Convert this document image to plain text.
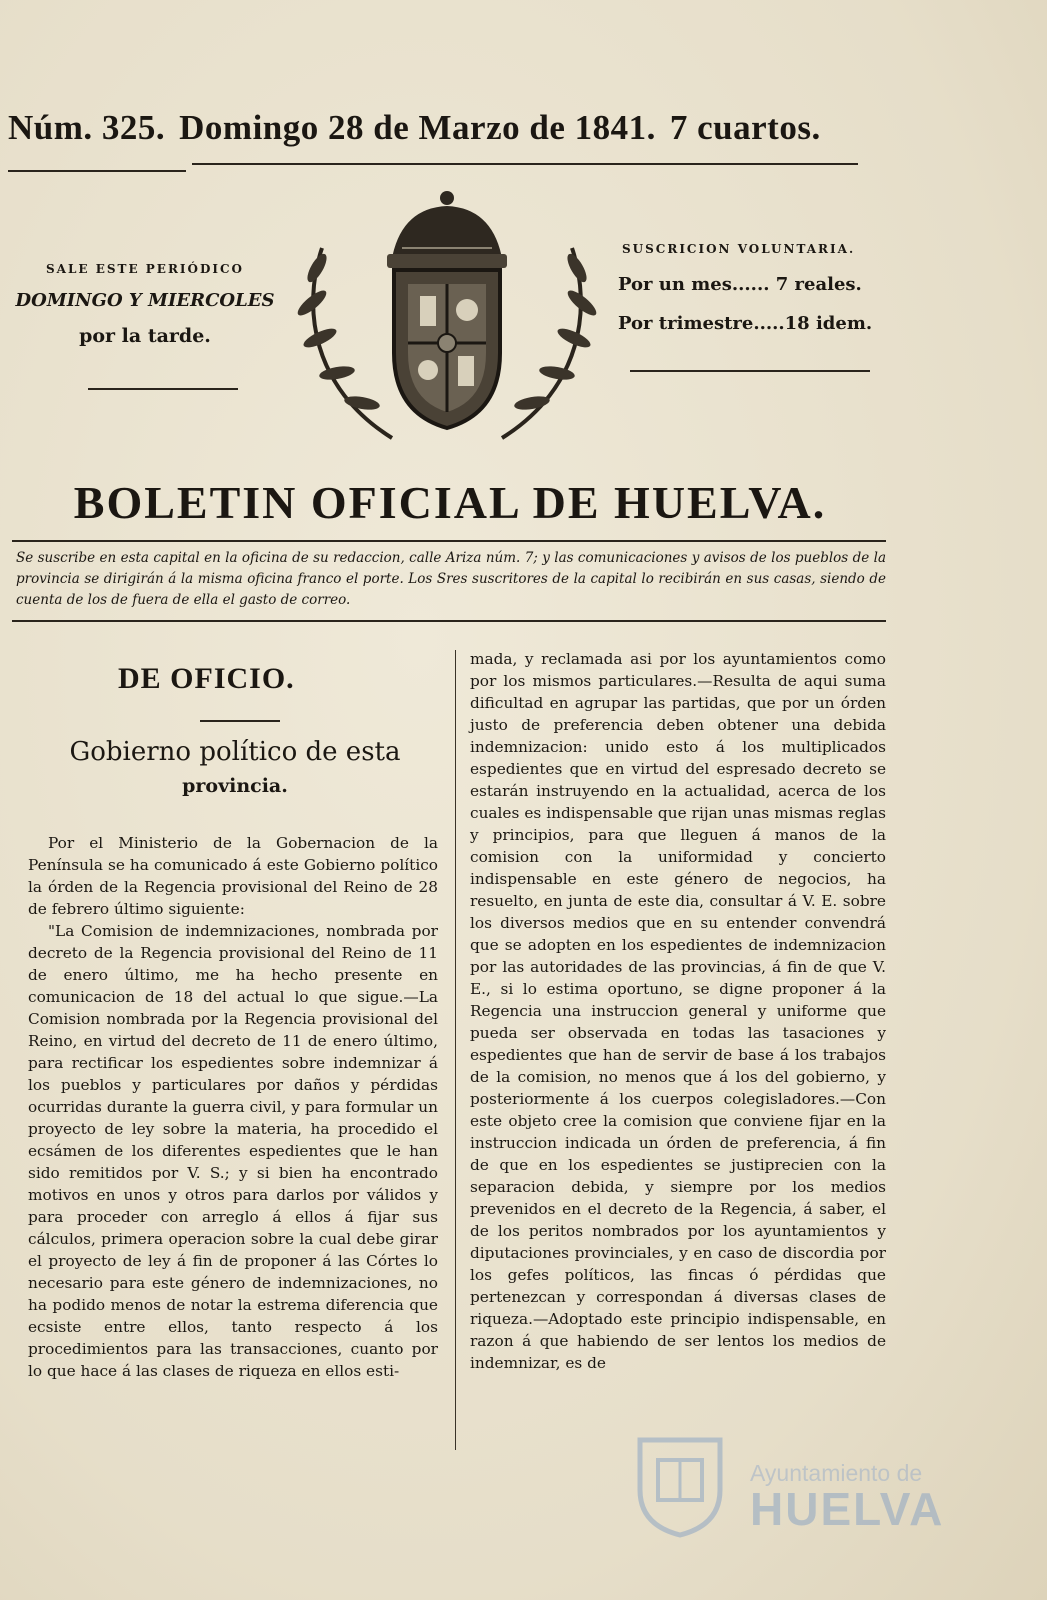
Núm. 325. Domingo 28 de Marzo de 1841. 7 cuartos.
SALE ESTE PERIÓDICO
DOMINGO Y MIERCOLES
por la tarde.
SUSCRICION VOLUNTARIA.
Por un mes...... 7 reales.
Por trimestre.....18 idem.
BOLETIN OFICIAL DE HUELVA.
Se suscribe en esta capital en la oficina de su redaccion, calle Ariza núm. 7; y las comunicaciones y avisos de los pueblos de la provincia se dirigirán á la misma oficina franco el porte. Los Sres suscritores de la capital lo recibirán en sus casas, siendo de cuenta de los de fuera de ella el gasto de correo.
DE OFICIO.
Gobierno político de esta
provincia.

Por el Ministerio de la Gobernacion de la Península se ha comunicado á este Gobierno político la órden de la Regencia provisional del Reino de 28 de febrero último siguiente:

"La Comision de indemnizaciones, nombrada por decreto de la Regencia provisional del Reino de 11 de enero último, me ha hecho presente en comunicacion de 18 del actual lo que sigue.—La Comision nombrada por la Regencia provisional del Reino, en virtud del decreto de 11 de enero último, para rectificar los espedientes sobre indemnizar á los pueblos y particulares por daños y pérdidas ocurridas durante la guerra civil, y para formular un proyecto de ley sobre la materia, ha procedido el ecsámen de los diferentes espedientes que le han sido remitidos por V. S.; y si bien ha encontrado motivos en unos y otros para darlos por válidos y para proceder con arreglo á ellos á fijar sus cálculos, primera operacion sobre la cual debe girar el proyecto de ley á fin de proponer á las Córtes lo necesario para este género de indemnizaciones, no ha podido menos de notar la estrema diferencia que ecsiste entre ellos, tanto respecto á los procedimientos para las transacciones, cuanto por lo que hace á las clases de riqueza en ellos esti-

mada, y reclamada asi por los ayuntamientos como por los mismos particulares.—Resulta de aqui suma dificultad en agrupar las partidas, que por un órden justo de preferencia deben obtener una debida indemnizacion: unido esto á los multiplicados espedientes que en virtud del espresado decreto se estarán instruyendo en la actualidad, acerca de los cuales es indispensable que rijan unas mismas reglas y principios, para que lleguen á manos de la comision con la uniformidad y concierto indispensable en este género de negocios, ha resuelto, en junta de este dia, consultar á V. E. sobre los diversos medios que en su entender convendrá que se adopten en los espedientes de indemnizacion por las autoridades de las provincias, á fin de que V. E., si lo estima oportuno, se digne proponer á la Regencia una instruccion general y uniforme que pueda ser observada en todas las tasaciones y espedientes que han de servir de base á los trabajos de la comision, no menos que á los del gobierno, y posteriormente á los cuerpos colegisladores.—Con este objeto cree la comision que conviene fijar en la instruccion indicada un órden de preferencia, á fin de que en los espedientes se justiprecien con la separacion debida, y siempre por los medios prevenidos en el decreto de la Regencia, á saber, el de los peritos nombrados por los ayuntamientos y diputaciones provinciales, y en caso de discordia por los gefes políticos, las fincas ó pérdidas que pertenezcan y correspondan á diversas clases de riqueza.—Adoptado este principio indispensable, en razon á que habiendo de ser lentos los medios de indemnizar, es de

Ayuntamiento de
HUELVA
